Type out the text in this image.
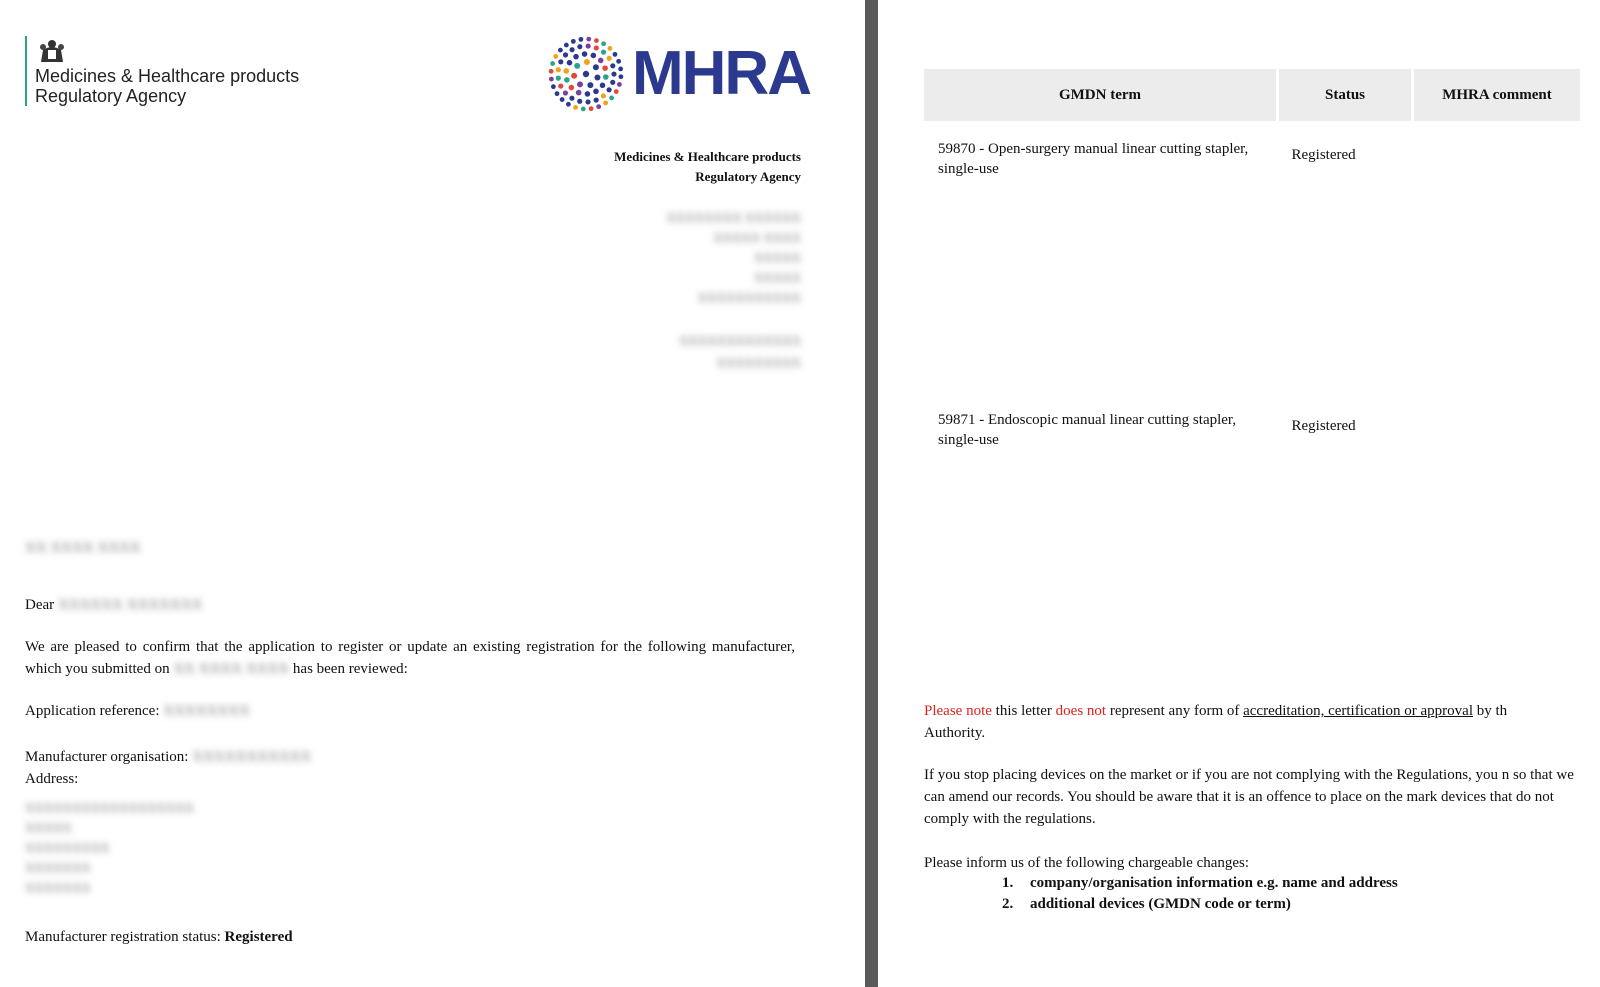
Medicines & Healthcare products Regulatory Agency	MHRA
Medicines & Healthcare products
Regulatory Agency
XXXXXXXX XXXXXX
XXXXX XXXX
XXXXX
XXXXX
XXXXXXXXXXX
XXXXXXXXXXXXX
XXXXXXXXX
XX XXXX XXXX
Dear XXXXXX XXXXXXX
We are pleased to confirm that the application to register or update an existing registration for the following manufacturer, which you submitted on XX XXXX XXXX has been reviewed:
Application reference: XXXXXXXX
Manufacturer organisation: XXXXXXXXXXX
Address:
XXXXXXXXXXXXXXXXXX
XXXXX
XXXXXXXXX
XXXXXXX
XXXXXXX
Manufacturer registration status: Registered
GMDN term	Status	MHRA comment
59870 - Open-surgery manual linear cutting stapler, single-use	Registered	
59871 - Endoscopic manual linear cutting stapler, single-use	Registered	
Please note this letter does not represent any form of accreditation, certification or approval by th
Authority.
If you stop placing devices on the market or if you are not complying with the Regulations, you n so that we can amend our records. You should be aware that it is an offence to place on the mark devices that do not comply with the regulations.
Please inform us of the following chargeable changes:
1. company/organisation information e.g. name and address
2. additional devices (GMDN code or term)
